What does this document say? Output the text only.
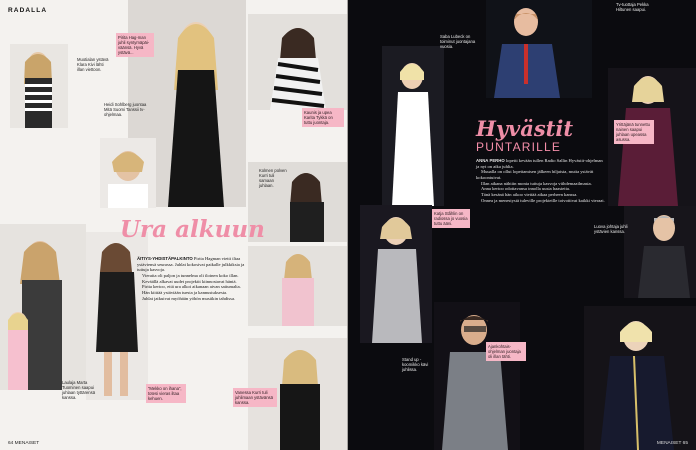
RADALLA
Pirita Hag-man juhli syntymäpäi-väänsä. Hyvä ystävä...
Kaunis ja upea Karita Tykkä on tuttu juontaja.
Vanessa Kurri tuli juhlimaan ystävänsä kanssa.
“Mekko on ihana”, totesi vieras iltaa kehuen.
Muotialan ystävä Klara Kivi lähti illan viettoon.
Heidi Sohlberg juontaa Mitä Suomi Tanssii tv-ohjelmaa.
Kolmen polven Kurri tuli samaan juhlaan.
Laulaja Marta Tuominen saapui juhlaan tyttärensä kanssa.
Ura alkuun

ÄITIYS-YHDISTÄPALKINTO Pirita Hagman vietti iltaa ystäviensä seurassa. Juhlat kokosivat paikalle julkkiksia ja tuttuja kasvoja.

Vieraita oli paljon ja tunnelma oli iloinen koko illan.

Keväällä alkavat uudet projektit kiinnostavat häntä.

Pirita kertoo, että ura alkoi aikanaan aivan sattumalta.

Hän kiittää ystäviään tuesta ja kannustuksesta.

Juhlat jatkuivat myöhään yöhön musiikin tahdissa.

64 MENAISET
Hyvästit
PUNTARILLE

ANNA PERHO lopetti kevään tullen Radio Sallin Hyvästit-ohjelman ja nyt on aika juhlia.

Muualla on ollut lopettamisen jälkeen hiljaista, mutta ystävät kokoontuivat.

Illan aikana nähtiin monia tuttuja kasvoja viihdemaailmasta.

Anna kertoo odottavansa innolla uusia haasteita.

Tänä kesänä hän aikoo viettää aikaa perheen kanssa.

Onnea ja menestystä tuleville projekteille toivottivat kaikki vieraat.

Katja Ståhlin on radiossa jo vuosia tuttu ääni.
Yrittäjänä tunnettu nainen saapui juhlaan upeassa asussa.
Ajankohtais-ohjelman juontaja oli illan tähti.
Saba Lubeck on toiminut juontajana vuosia.
Tv-tuottaja Pekka Hiltunen saapui.
Luova johtaja juhli ystävien kanssa.
Stand up -koomikko kävi juhlissa.
MENAISET 65
